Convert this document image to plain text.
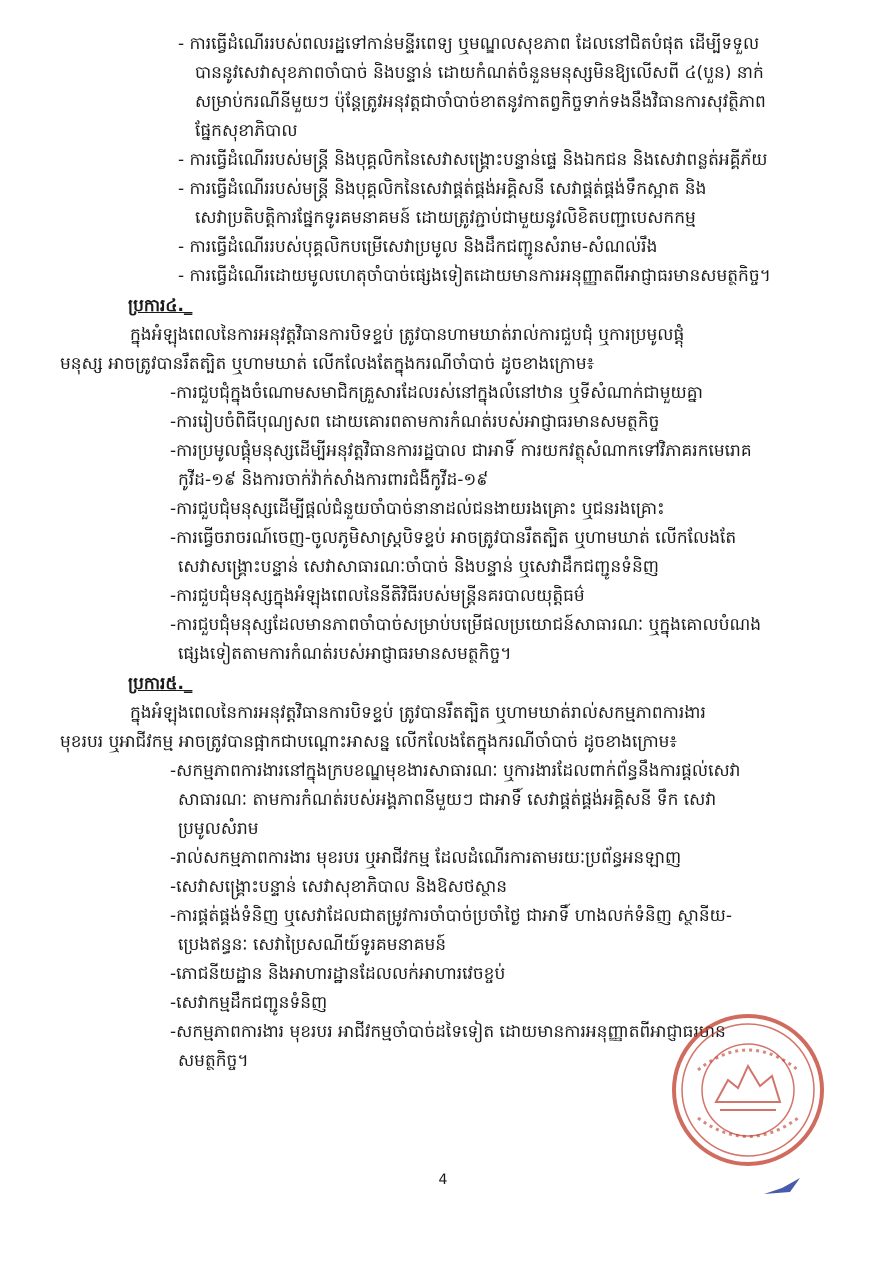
- ការធ្វើដំណើររបស់ពលរដ្ឋទៅកាន់មន្ទីរពេទ្យ ឬមណ្ឌលសុខភាព ដែលនៅជិតបំផុត ដើម្បីទទួល
បាននូវសេវាសុខភាពចាំបាច់ និងបន្ទាន់ ដោយកំណត់ចំនួនមនុស្សមិនឱ្យលើសពី ៤(បួន) នាក់
សម្រាប់ករណីនីមួយៗ ប៉ុន្តែត្រូវអនុវត្តជាចាំបាច់ខាតនូវកាតព្វកិច្ចទាក់ទងនឹងវិធានការសុវត្ថិភាព
ផ្នែកសុខាភិបាល
- ការធ្វើដំណើររបស់មន្ត្រី និងបុគ្គលិកនៃសេវាសង្គ្រោះបន្ទាន់ផ្ទេ និងឯកជន និងសេវាពន្លត់អគ្គីភ័យ
- ការធ្វើដំណើររបស់មន្ត្រី និងបុគ្គលិកនៃសេវាផ្គត់ផ្គង់អគ្គិសនី សេវាផ្គត់ផ្គង់ទឹកស្អាត និង
សេវាប្រតិបត្តិការផ្នែកទូរគមនាគមន៍ ដោយត្រូវភ្ជាប់ជាមួយនូវលិខិតបញ្ជាបេសកកម្ម
- ការធ្វើដំណើររបស់បុគ្គលិកបម្រើសេវាប្រមូល និងដឹកជញ្ជូនសំរាម-សំណល់រឹង
- ការធ្វើដំណើរដោយមូលហេតុចាំបាច់ផ្សេងទៀតដោយមានការអនុញ្ញាតពីអាជ្ញាធរមានសមត្ថកិច្ច។
ប្រការ៤._
ក្នុងអំឡុងពេលនៃការអនុវត្តវិធានការបិទខ្ទប់ ត្រូវបានហាមឃាត់រាល់ការជួបជុំ ឬការប្រមូលផ្តុំ
មនុស្ស អាចត្រូវបានរឹតត្បិត ឬហាមឃាត់ លើកលែងតែក្នុងករណីចាំបាច់ ដូចខាងក្រោម៖
-ការជួបជុំក្នុងចំណោមសមាជិកគ្រួសារដែលរស់នៅក្នុងលំនៅឋាន ឬទីសំណាក់ជាមួយគ្នា
-ការរៀបចំពិធីបុណ្យសព ដោយគោរពតាមការកំណត់របស់អាជ្ញាធរមានសមត្ថកិច្ច
-ការប្រមូលផ្តុំមនុស្សដើម្បីអនុវត្តវិធានការរដ្ឋបាល ជាអាទិ៍ ការយកវត្ថុសំណាកទៅវិភាគរកមេរោគ
កូវីដ-១៩ និងការចាក់វ៉ាក់សាំងការពារជំងឺកូវីដ-១៩
-ការជួបជុំមនុស្សដើម្បីផ្តល់ជំនួយចាំបាច់នានាដល់ជនងាយរងគ្រោះ ឬជនរងគ្រោះ
-ការធ្វើចរាចរណ៍ចេញ-ចូលភូមិសាស្ត្របិទខ្ទប់ អាចត្រូវបានរឹតត្បិត ឬហាមឃាត់ លើកលែងតែ
សេវាសង្គ្រោះបន្ទាន់ សេវាសាធារណៈចាំបាច់ និងបន្ទាន់ ឬសេវាដឹកជញ្ជូនទំនិញ
-ការជួបជុំមនុស្សក្នុងអំឡុងពេលនៃនីតិវិធីរបស់មន្ត្រីនគរបាលយុត្តិធម៌
-ការជួបជុំមនុស្សដែលមានភាពចាំបាច់សម្រាប់បម្រើផលប្រយោជន៍សាធារណៈ ឬក្នុងគោលបំណង
ផ្សេងទៀតតាមការកំណត់របស់អាជ្ញាធរមានសមត្ថកិច្ច។
ប្រការ៥._
ក្នុងអំឡុងពេលនៃការអនុវត្តវិធានការបិទខ្ទប់ ត្រូវបានរឹតត្បិត ឬហាមឃាត់រាល់សកម្មភាពការងារ
មុខរបរ ឬអាជីវកម្ម អាចត្រូវបានផ្អាកជាបណ្តោះអាសន្ន លើកលែងតែក្នុងករណីចាំបាច់ ដូចខាងក្រោម៖
-សកម្មភាពការងារនៅក្នុងក្របខណ្ឌមុខងារសាធារណៈ ឬការងារដែលពាក់ព័ន្ធនឹងការផ្តល់សេវា
សាធារណៈ តាមការកំណត់របស់អង្គភាពនីមួយៗ ជាអាទិ៍ សេវាផ្គត់ផ្គង់អគ្គិសនី ទឹក សេវា
ប្រមូលសំរាម
-រាល់សកម្មភាពការងារ មុខរបរ ឬអាជីវកម្ម ដែលដំណើរការតាមរយៈប្រព័ន្ធអនឡាញ
-សេវាសង្គ្រោះបន្ទាន់ សេវាសុខាភិបាល និងឱសថស្ថាន
-ការផ្គត់ផ្គង់ទំនិញ ឬសេវាដែលជាតម្រូវការចាំបាច់ប្រចាំថ្ងៃ ជាអាទិ៍ ហាងលក់ទំនិញ ស្ថានីយ-
ប្រេងឥន្ធនៈ សេវាប្រៃសណីយ៍ទូរគមនាគមន៍
-ភោជនីយដ្ឋាន និងអាហារដ្ឋានដែលលក់អាហារវេចខ្ចប់
-សេវាកម្មដឹកជញ្ជូនទំនិញ
-សកម្មភាពការងារ មុខរបរ អាជីវកម្មចាំបាច់ដទៃទៀត ដោយមានការអនុញ្ញាតពីអាជ្ញាធរមាន
សមត្ថកិច្ច។
4
